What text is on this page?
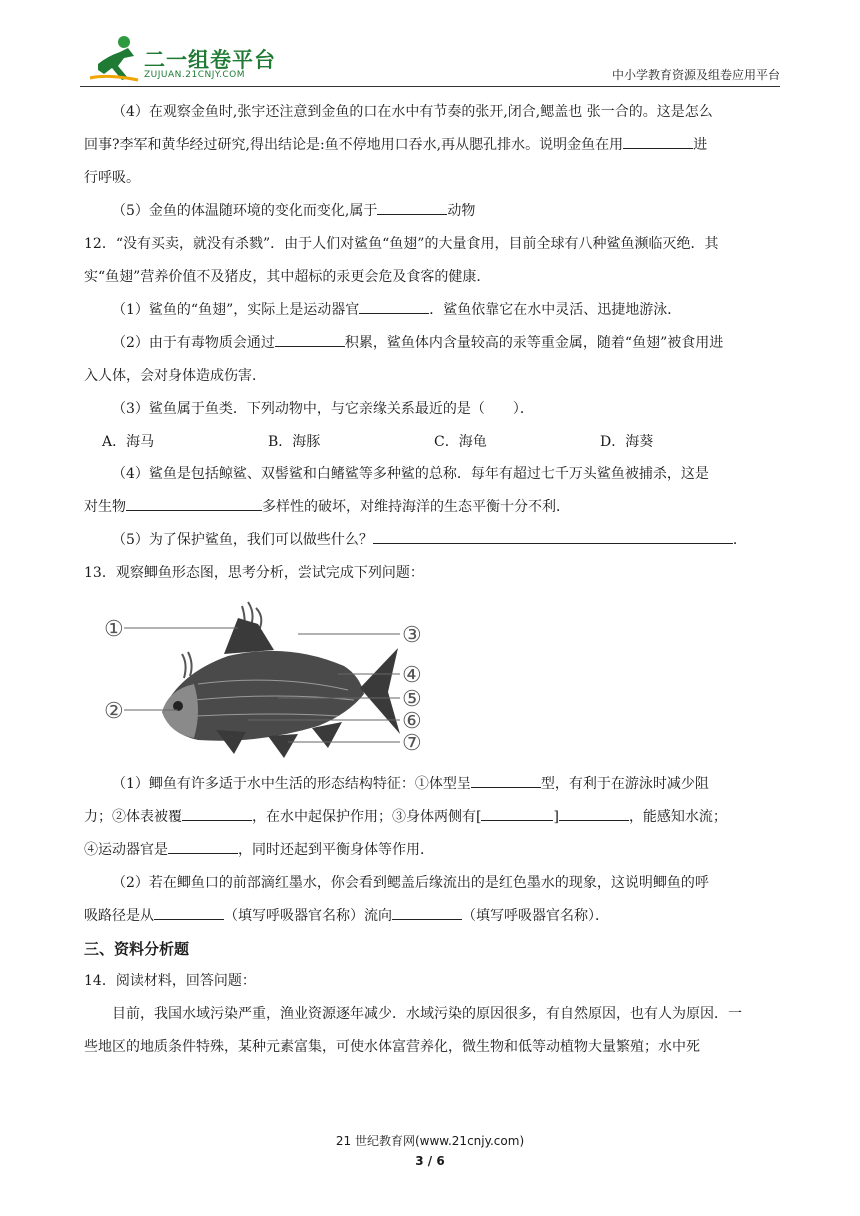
二一组卷平台
ZUJUAN.21CNJY.COM	中小学教育资源及组卷应用平台

（4）在观察金鱼时,张宇还注意到金鱼的口在水中有节奏的张开,闭合,鳃盖也 张一合的。这是怎么

回事?李军和黄华经过研究,得出结论是:鱼不停地用口吞水,再从腮孔排水。说明金鱼在用	进

行呼吸。

（5）金鱼的体温随环境的变化而变化,属于	动物

12．“没有买卖，就没有杀戮”．由于人们对鲨鱼“鱼翅”的大量食用，目前全球有八种鲨鱼濒临灭绝．其

实“鱼翅”营养价值不及猪皮，其中超标的汞更会危及食客的健康．

（1）鲨鱼的“鱼翅”，实际上是运动器官	．鲨鱼依靠它在水中灵活、迅捷地游泳．

（2）由于有毒物质会通过	积累，鲨鱼体内含量较高的汞等重金属，随着“鱼翅”被食用进

入人体，会对身体造成伤害．

（3）鲨鱼属于鱼类．下列动物中，与它亲缘关系最近的是（　　）．

A．海马	B．海豚	C．海龟	D．海葵

（4）鲨鱼是包括鲸鲨、双髻鲨和白鳍鲨等多种鲨的总称．每年有超过七千万头鲨鱼被捕杀，这是

对生物	多样性的破坏，对维持海洋的生态平衡十分不利．

（5）为了保护鲨鱼，我们可以做些什么？	．

13．观察鲫鱼形态图，思考分析，尝试完成下列问题：

①
②
③
④
⑤
⑥
⑦

（1）鲫鱼有许多适于水中生活的形态结构特征：①体型呈	型，有利于在游泳时减少阻

力；②体表被覆	，在水中起保护作用；③身体两侧有[	]	，能感知水流；

④运动器官是	，同时还起到平衡身体等作用．

（2）若在鲫鱼口的前部滴红墨水，你会看到鳃盖后缘流出的是红色墨水的现象，这说明鲫鱼的呼

吸路径是从	（填写呼吸器官名称）流向	（填写呼吸器官名称）．

三、资料分析题

14．阅读材料，回答问题：

目前，我国水域污染严重，渔业资源逐年减少．水域污染的原因很多，有自然原因，也有人为原因．一

些地区的地质条件特殊，某种元素富集，可使水体富营养化，微生物和低等动植物大量繁殖；水中死

21 世纪教育网(www.21cnjy.com)
3 / 6
